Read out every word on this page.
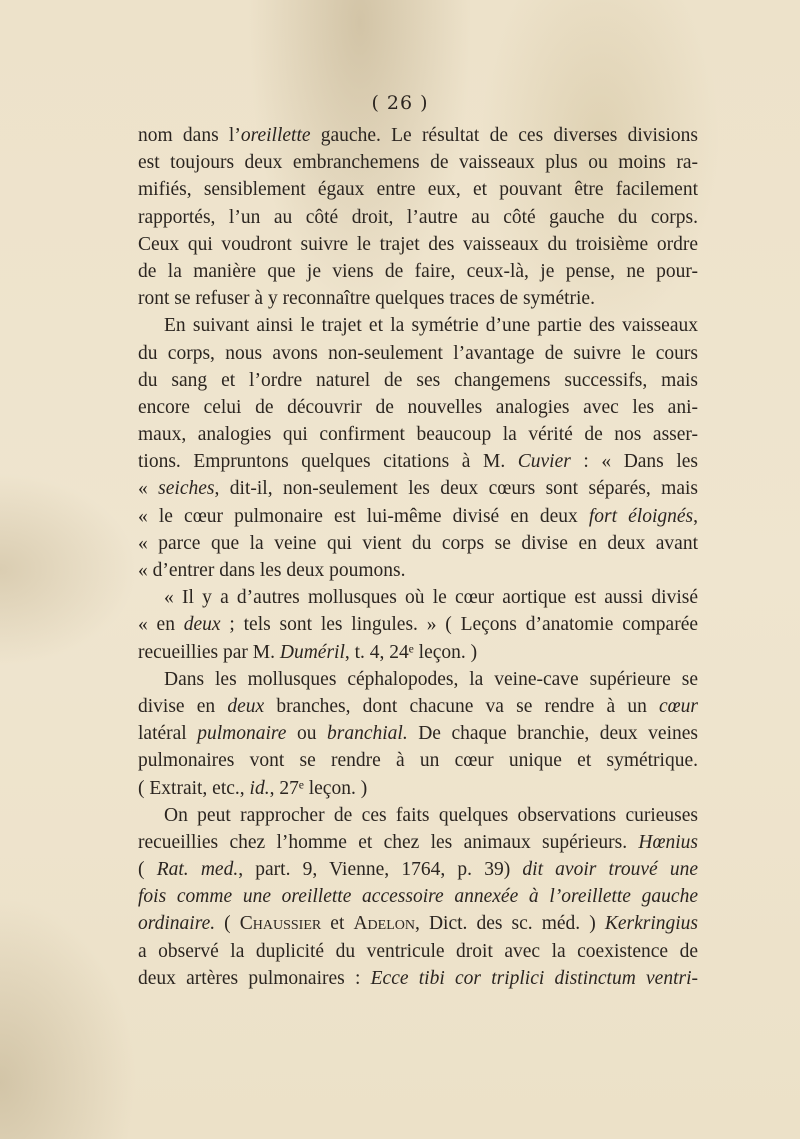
( 26 )
nom dans l’oreillette gauche. Le résultat de ces diverses divisions
est toujours deux embranchemens de vaisseaux plus ou moins ra-
mifiés, sensiblement égaux entre eux, et pouvant être facilement
rapportés, l’un au côté droit, l’autre au côté gauche du corps.
Ceux qui voudront suivre le trajet des vaisseaux du troisième ordre
de la manière que je viens de faire, ceux-là, je pense, ne pour-
ront se refuser à y reconnaître quelques traces de symétrie.
En suivant ainsi le trajet et la symétrie d’une partie des vaisseaux
du corps, nous avons non-seulement l’avantage de suivre le cours
du sang et l’ordre naturel de ses changemens successifs, mais
encore celui de découvrir de nouvelles analogies avec les ani-
maux, analogies qui confirment beaucoup la vérité de nos asser-
tions. Empruntons quelques citations à M. Cuvier : « Dans les
« seiches, dit-il, non-seulement les deux cœurs sont séparés, mais
« le cœur pulmonaire est lui-même divisé en deux fort éloignés,
« parce que la veine qui vient du corps se divise en deux avant
« d’entrer dans les deux poumons.
« Il y a d’autres mollusques où le cœur aortique est aussi divisé
« en deux ; tels sont les lingules. » ( Leçons d’anatomie comparée
recueillies par M. Duméril, t. 4, 24ᵉ leçon. )
Dans les mollusques céphalopodes, la veine-cave supérieure se
divise en deux branches, dont chacune va se rendre à un cœur
latéral pulmonaire ou branchial. De chaque branchie, deux veines
pulmonaires vont se rendre à un cœur unique et symétrique.
( Extrait, etc., id., 27ᵉ leçon. )
On peut rapprocher de ces faits quelques observations curieuses
recueillies chez l’homme et chez les animaux supérieurs. Hœnius
( Rat. med., part. 9, Vienne, 1764, p. 39) dit avoir trouvé une
fois comme une oreillette accessoire annexée à l’oreillette gauche
ordinaire. ( Chaussier et Adelon, Dict. des sc. méd. ) Kerkringius
a observé la duplicité du ventricule droit avec la coexistence de
deux artères pulmonaires : Ecce tibi cor triplici distinctum ventri-
